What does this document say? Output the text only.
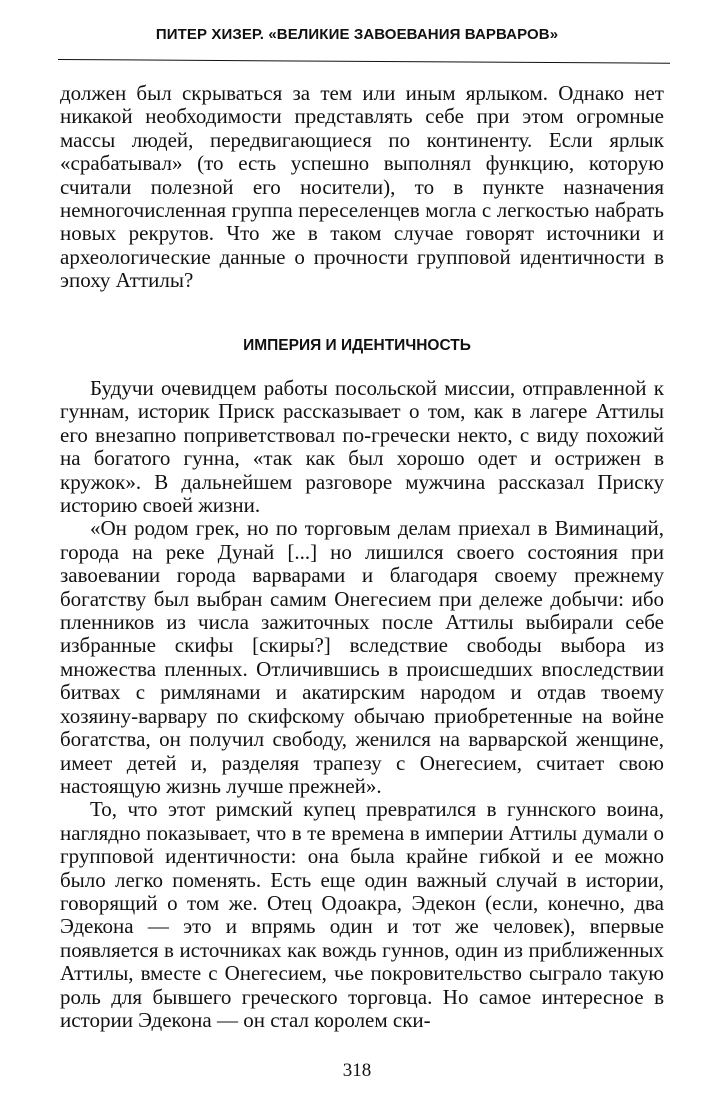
ПИТЕР ХИЗЕР. «ВЕЛИКИЕ ЗАВОЕВАНИЯ ВАРВАРОВ»

должен был скрываться за тем или иным ярлыком. Однако нет никакой необходимости представлять себе при этом огромные массы людей, передвигающиеся по континенту. Если ярлык «срабатывал» (то есть успешно выполнял функцию, которую считали полезной его носители), то в пункте назначения немногочисленная группа переселенцев могла с легкостью набрать новых рекрутов. Что же в таком случае говорят источники и археологические данные о прочности групповой идентичности в эпоху Аттилы?

ИМПЕРИЯ И ИДЕНТИЧНОСТЬ

Будучи очевидцем работы посольской миссии, отправленной к гуннам, историк Приск рассказывает о том, как в лагере Аттилы его внезапно поприветствовал по-гречески некто, с виду похожий на богатого гунна, «так как был хорошо одет и острижен в кружок». В дальнейшем разговоре мужчина рассказал Приску историю своей жизни.

«Он родом грек, но по торговым делам приехал в Виминаций, города на реке Дунай [...] но лишился своего состояния при завоевании города варварами и благодаря своему прежнему богатству был выбран самим Онегесием при дележе добычи: ибо пленников из числа зажиточных после Аттилы выбирали себе избранные скифы [скиры?] вследствие свободы выбора из множества пленных. Отличившись в происшедших впоследствии битвах с римлянами и акатирским народом и отдав твоему хозяину-варвару по скифскому обычаю приобретенные на войне богатства, он получил свободу, женился на варварской женщине, имеет детей и, разделяя трапезу с Онегесием, считает свою настоящую жизнь лучше прежней».

То, что этот римский купец превратился в гуннского воина, наглядно показывает, что в те времена в империи Аттилы думали о групповой идентичности: она была крайне гибкой и ее можно было легко поменять. Есть еще один важный случай в истории, говорящий о том же. Отец Одоакра, Эдекон (если, конечно, два Эдекона — это и впрямь один и тот же человек), впервые появляется в источниках как вождь гуннов, один из приближенных Аттилы, вместе с Онегесием, чье покровительство сыграло такую роль для бывшего греческого торговца. Но самое интересное в истории Эдекона — он стал королем ски-

318
